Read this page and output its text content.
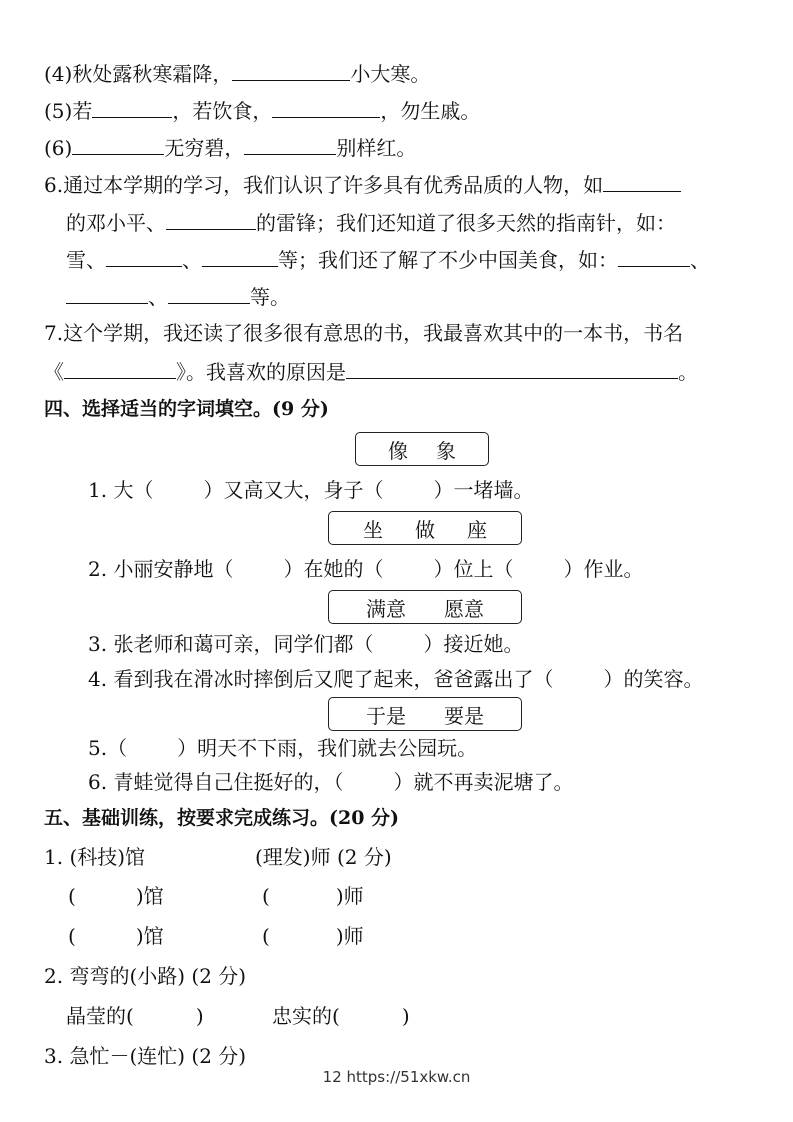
(4)秋处露秋寒霜降，	小大寒。
(5)若	，若饮食，	，勿生戚。
(6)	无穷碧，	别样红。
6.通过本学期的学习，我们认识了许多具有优秀品质的人物，如
的邓小平、	的雷锋；我们还知道了很多天然的指南针，如：
雪、	、	等；我们还了解了不少中国美食，如：	、
、	等。
7.这个学期，我还读了很多很有意思的书，我最喜欢其中的一本书，书名
《	》。我喜欢的原因是	。
四、选择适当的字词填空。(9 分)
像 象
1. 大（	）又高又大，身子（	）一堵墙。
坐 做 座
2. 小丽安静地（	）在她的（	）位上（	）作业。
满意 愿意
3. 张老师和蔼可亲，同学们都（	）接近她。
4. 看到我在滑冰时摔倒后又爬了起来，爸爸露出了（	）的笑容。
于是 要是
5.（	）明天不下雨，我们就去公园玩。
6. 青蛙觉得自己住挺好的，（	）就不再卖泥塘了。
五、基础训练，按要求完成练习。(20 分)
1. (科技)馆	(理发)师 (2 分)
(	)馆	(	)师
(	)馆	(	)师
2. 弯弯的(小路) (2 分)
晶莹的(	)	忠实的(	)
3. 急忙－(连忙) (2 分)
12 https://51xkw.cn
